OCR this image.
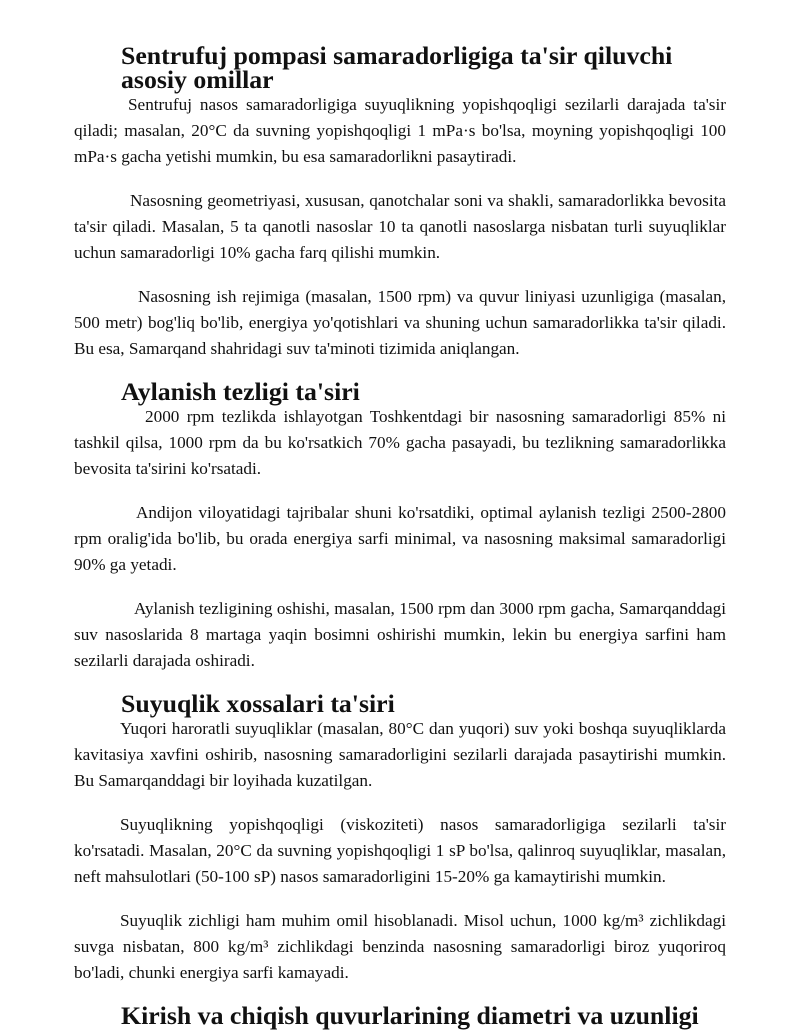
Sentrufuj pompasi samaradorligiga ta'sir qiluvchi asosiy omillar

Sentrufuj nasos samaradorligiga suyuqlikning yopishqoqligi sezilarli darajada ta'sir qiladi; masalan, 20°C da suvning yopishqoqligi 1 mPa·s bo'lsa, moyning yopishqoqligi 100 mPa·s gacha yetishi mumkin, bu esa samaradorlikni pasaytiradi.

Nasosning geometriyasi, xususan, qanotchalar soni va shakli, samaradorlikka bevosita ta'sir qiladi. Masalan, 5 ta qanotli nasoslar 10 ta qanotli nasoslarga nisbatan turli suyuqliklar uchun samaradorligi 10% gacha farq qilishi mumkin.

Nasosning ish rejimiga (masalan, 1500 rpm) va quvur liniyasi uzunligiga (masalan, 500 metr) bog'liq bo'lib, energiya yo'qotishlari va shuning uchun samaradorlikka ta'sir qiladi. Bu esa, Samarqand shahridagi suv ta'minoti tizimida aniqlangan.

Aylanish tezligi ta'siri

2000 rpm tezlikda ishlayotgan Toshkentdagi bir nasosning samaradorligi 85% ni tashkil qilsa, 1000 rpm da bu ko'rsatkich 70% gacha pasayadi, bu tezlikning samaradorlikka bevosita ta'sirini ko'rsatadi.

Andijon viloyatidagi tajribalar shuni ko'rsatdiki, optimal aylanish tezligi 2500-2800 rpm oralig'ida bo'lib, bu orada energiya sarfi minimal, va nasosning maksimal samaradorligi 90% ga yetadi.

Aylanish tezligining oshishi, masalan, 1500 rpm dan 3000 rpm gacha, Samarqanddagi suv nasoslarida 8 martaga yaqin bosimni oshirishi mumkin, lekin bu energiya sarfini ham sezilarli darajada oshiradi.

Suyuqlik xossalari ta'siri

Yuqori haroratli suyuqliklar (masalan, 80°C dan yuqori) suv yoki boshqa suyuqliklarda kavitasiya xavfini oshirib, nasosning samaradorligini sezilarli darajada pasaytirishi mumkin. Bu Samarqanddagi bir loyihada kuzatilgan.

Suyuqlikning yopishqoqligi (viskoziteti) nasos samaradorligiga sezilarli ta'sir ko'rsatadi. Masalan, 20°C da suvning yopishqoqligi 1 sP bo'lsa, qalinroq suyuqliklar, masalan, neft mahsulotlari (50-100 sP) nasos samaradorligini 15-20% ga kamaytirishi mumkin.

Suyuqlik zichligi ham muhim omil hisoblanadi. Misol uchun, 1000 kg/m³ zichlikdagi suvga nisbatan, 800 kg/m³ zichlikdagi benzinda nasosning samaradorligi biroz yuqoriroq bo'ladi, chunki energiya sarfi kamayadi.

Kirish va chiqish quvurlarining diametri va uzunligi
